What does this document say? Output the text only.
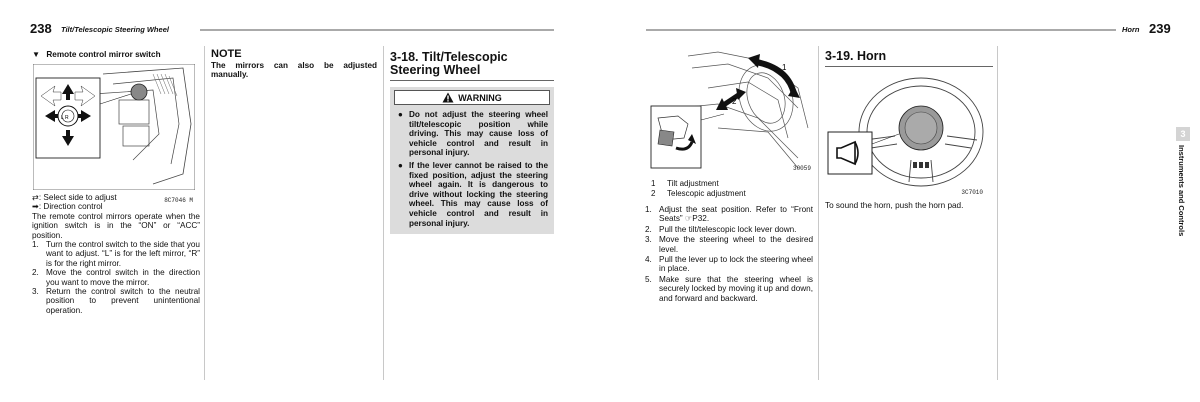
238 Tilt/Telescopic Steering Wheel
▼ Remote control mirror switch
L R
8C7046 M
⇄: Select side to adjust
➡: Direction control
The remote control mirrors operate when the ignition switch is in the “ON” or “ACC” position.
1. Turn the control switch to the side that you want to adjust. “L” is for the left mirror, “R” is for the right mirror.
2. Move the control switch in the direction you want to move the mirror.
3. Return the control switch to the neutral position to prevent unintentional operation.
NOTE
The mirrors can also be adjusted manually.
3-18. Tilt/Telescopic Steering Wheel
WARNING
● Do not adjust the steering wheel tilt/telescopic position while driving. This may cause loss of vehicle control and result in personal injury.
● If the lever cannot be raised to the fixed position, adjust the steering wheel again. It is dangerous to drive without locking the steering wheel. This may cause loss of vehicle control and result in personal injury.
Horn 239
1
2
30059
1 Tilt adjustment
2 Telescopic adjustment
1. Adjust the seat position. Refer to “Front Seats” ☞P32.
2. Pull the tilt/telescopic lock lever down.
3. Move the steering wheel to the desired level.
4. Pull the lever up to lock the steering wheel in place.
5. Make sure that the steering wheel is securely locked by moving it up and down, and forward and backward.
3-19. Horn
3C7010
To sound the horn, push the horn pad.
3
Instruments and Controls
